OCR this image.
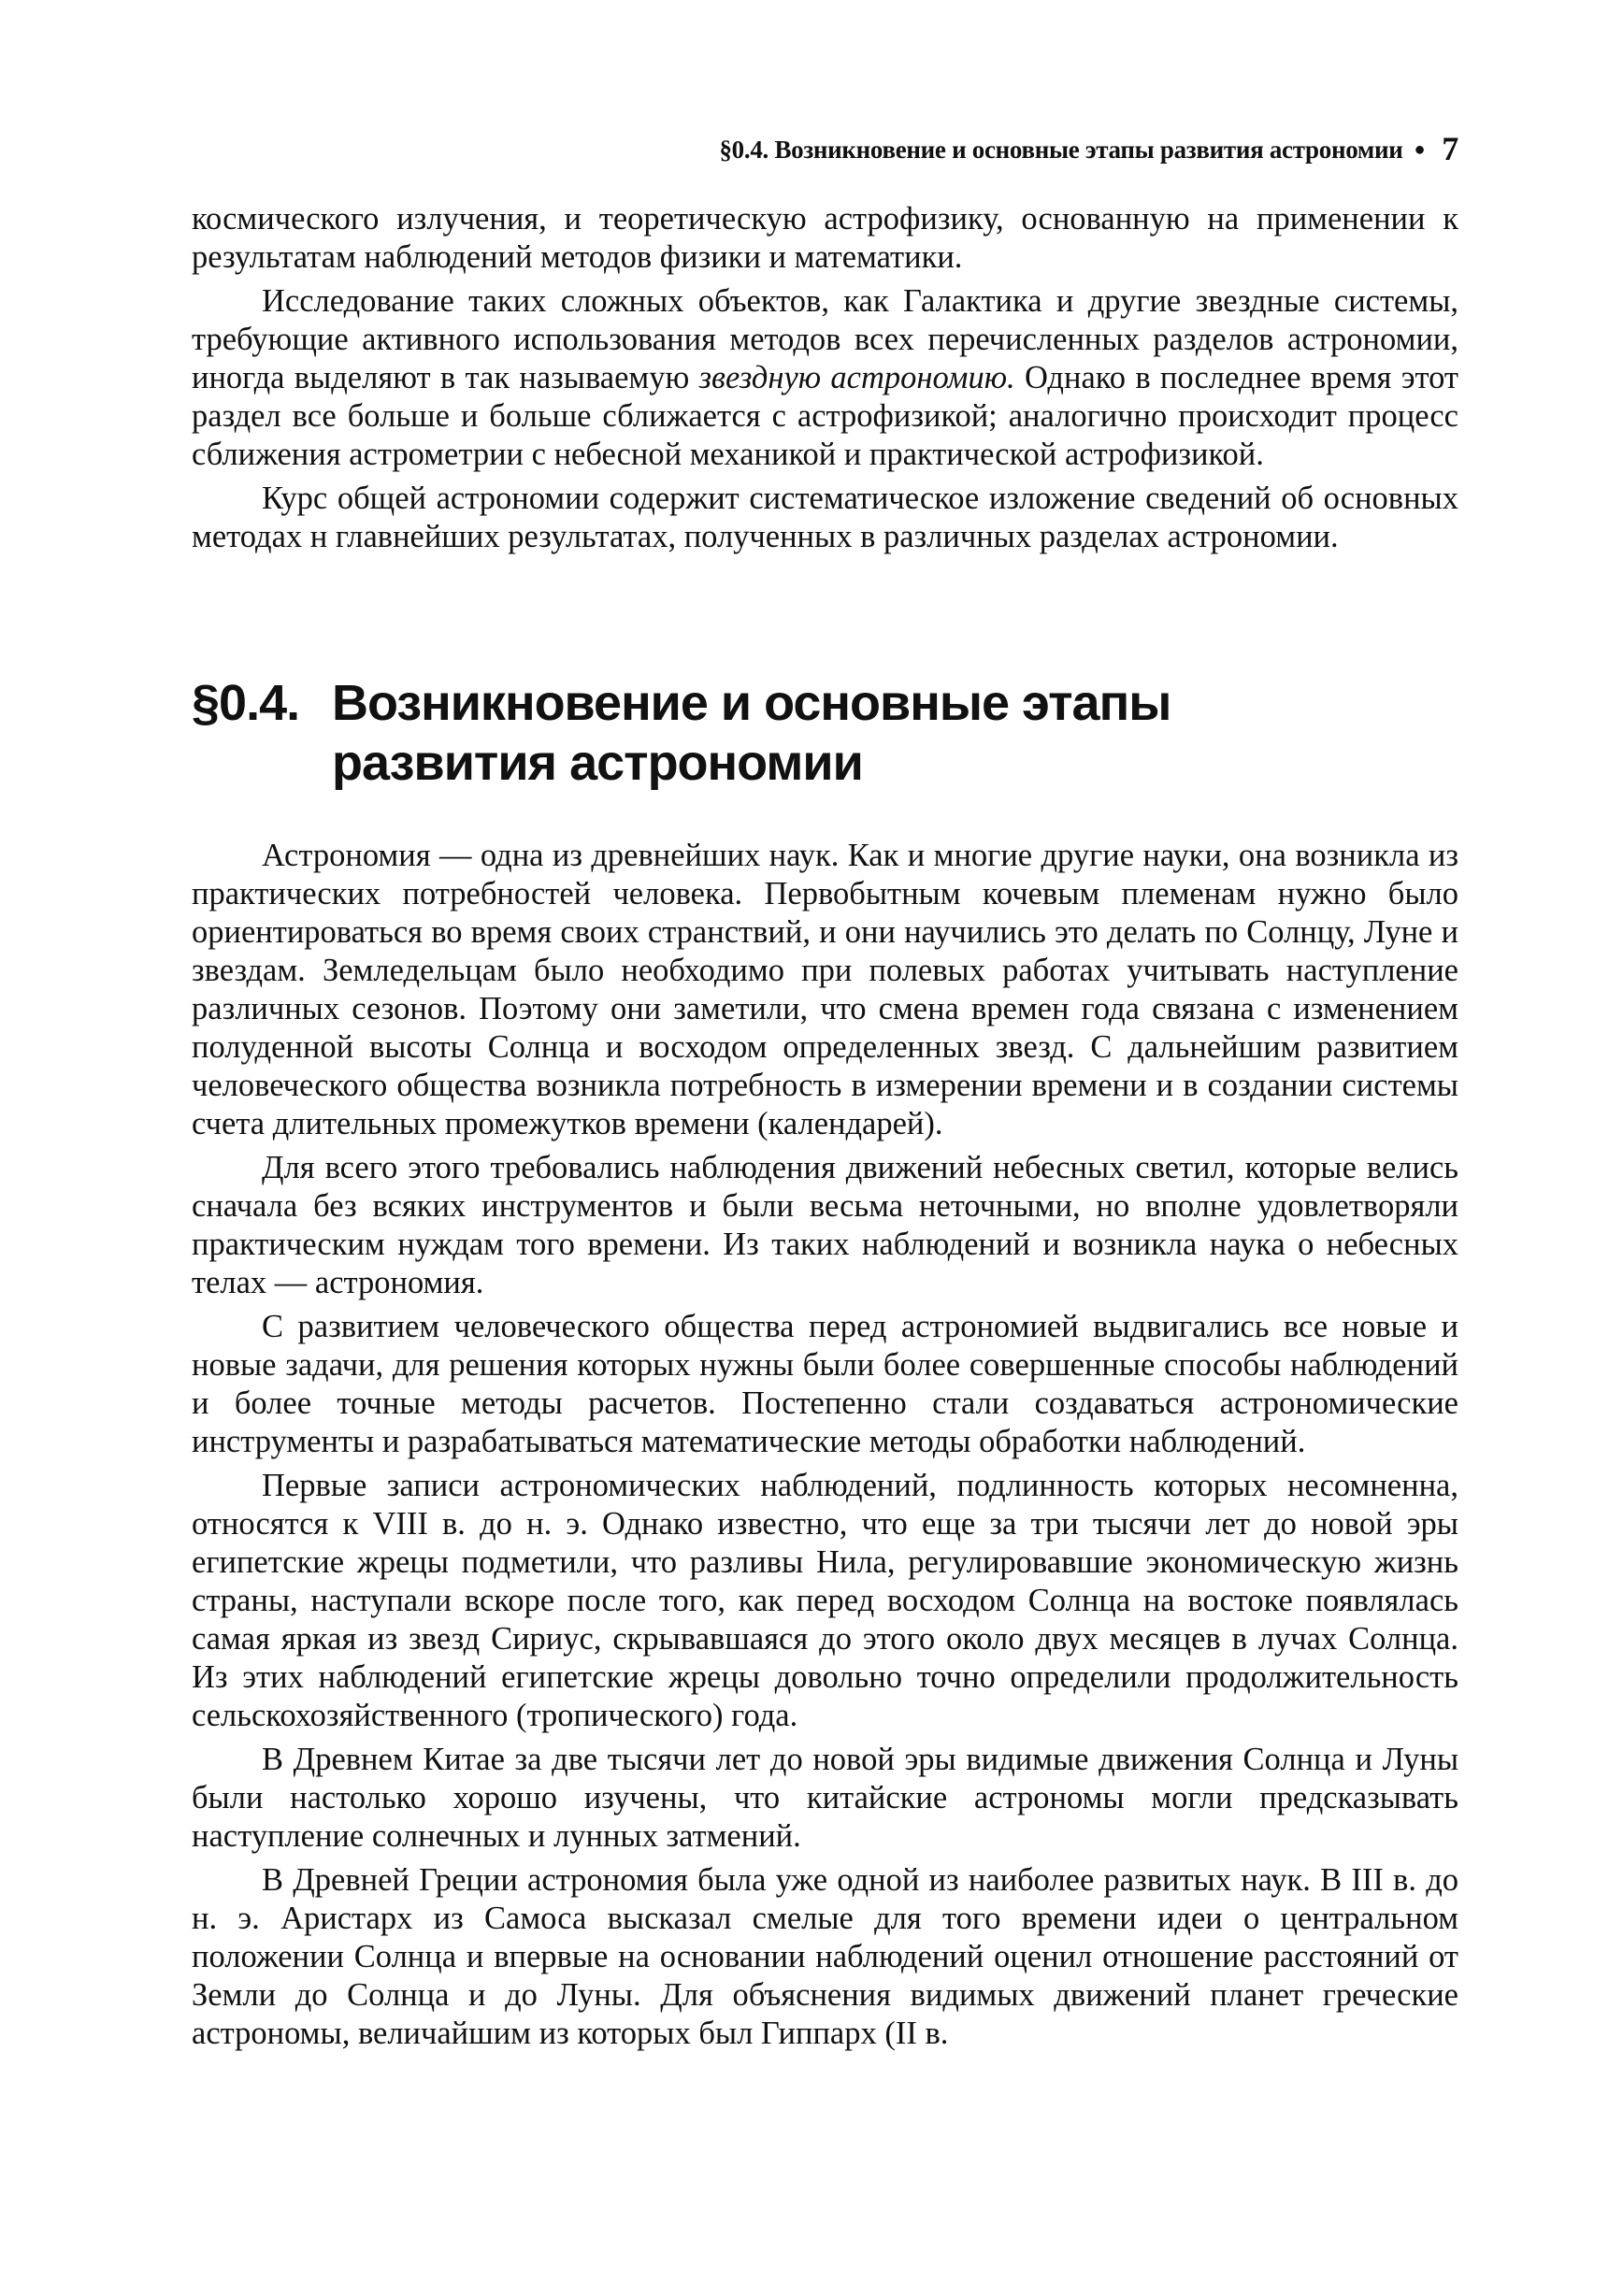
§0.4. Возникновение и основные этапы развития астрономии ● 7

космического излучения, и теоретическую астрофизику, основанную на применении к результатам наблюдений методов физики и математики.

Исследование таких сложных объектов, как Галактика и другие звездные системы, требующие активного использования методов всех перечисленных разделов астрономии, иногда выделяют в так называемую звездную астрономию. Однако в последнее время этот раздел все больше и больше сближается с астрофизикой; аналогично происходит процесс сближения астрометрии с небесной механикой и практической астрофизикой.

Курс общей астрономии содержит систематическое изложение сведений об основных методах н главнейших результатах, полученных в различных разделах астрономии.

§0.4. Возникновение и основные этапы развития астрономии

Астрономия — одна из древнейших наук. Как и многие другие науки, она возникла из практических потребностей человека. Первобытным кочевым племенам нужно было ориентироваться во время своих странствий, и они научились это делать по Солнцу, Луне и звездам. Земледельцам было необходимо при полевых работах учитывать наступление различных сезонов. Поэтому они заметили, что смена времен года связана с изменением полуденной высоты Солнца и восходом определенных звезд. С дальнейшим развитием человеческого общества возникла потребность в измерении времени и в создании системы счета длительных промежутков времени (календарей).

Для всего этого требовались наблюдения движений небесных светил, которые велись сначала без всяких инструментов и были весьма неточными, но вполне удовлетворяли практическим нуждам того времени. Из таких наблюдений и возникла наука о небесных телах — астрономия.

С развитием человеческого общества перед астрономией выдвигались все новые и новые задачи, для решения которых нужны были более совершенные способы наблюдений и более точные методы расчетов. Постепенно стали создаваться астрономические инструменты и разрабатываться математические методы обработки наблюдений.

Первые записи астрономических наблюдений, подлинность которых несомненна, относятся к VIII в. до н. э. Однако известно, что еще за три тысячи лет до новой эры египетские жрецы подметили, что разливы Нила, регулировавшие экономическую жизнь страны, наступали вскоре после того, как перед восходом Солнца на востоке появлялась самая яркая из звезд Сириус, скрывавшаяся до этого около двух месяцев в лучах Солнца. Из этих наблюдений египетские жрецы довольно точно определили продолжительность сельскохозяйственного (тропического) года.

В Древнем Китае за две тысячи лет до новой эры видимые движения Солнца и Луны были настолько хорошо изучены, что китайские астрономы могли предсказывать наступление солнечных и лунных затмений.

В Древней Греции астрономия была уже одной из наиболее развитых наук. В III в. до н. э. Аристарх из Самоса высказал смелые для того времени идеи о центральном положении Солнца и впервые на основании наблюдений оценил отношение расстояний от Земли до Солнца и до Луны. Для объяснения видимых движений планет греческие астрономы, величайшим из которых был Гиппарх (II в.
